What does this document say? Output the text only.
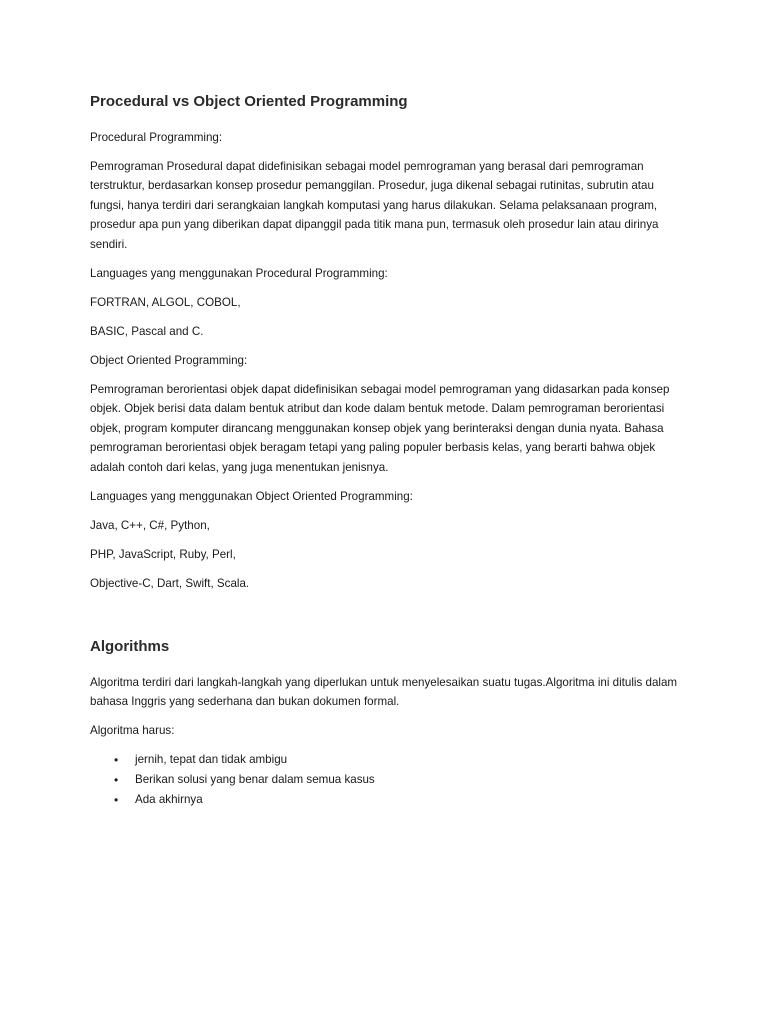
Procedural vs Object Oriented Programming

Procedural Programming:

Pemrograman Prosedural dapat didefinisikan sebagai model pemrograman yang berasal dari pemrograman terstruktur, berdasarkan konsep prosedur pemanggilan. Prosedur, juga dikenal sebagai rutinitas, subrutin atau fungsi, hanya terdiri dari serangkaian langkah komputasi yang harus dilakukan. Selama pelaksanaan program, prosedur apa pun yang diberikan dapat dipanggil pada titik mana pun, termasuk oleh prosedur lain atau dirinya sendiri.

Languages yang menggunakan Procedural Programming:

FORTRAN, ALGOL, COBOL,

BASIC, Pascal and C.

Object Oriented Programming:

Pemrograman berorientasi objek dapat didefinisikan sebagai model pemrograman yang didasarkan pada konsep objek. Objek berisi data dalam bentuk atribut dan kode dalam bentuk metode. Dalam pemrograman berorientasi objek, program komputer dirancang menggunakan konsep objek yang berinteraksi dengan dunia nyata. Bahasa pemrograman berorientasi objek beragam tetapi yang paling populer berbasis kelas, yang berarti bahwa objek adalah contoh dari kelas, yang juga menentukan jenisnya.

Languages yang menggunakan Object Oriented Programming:

Java, C++, C#, Python,

PHP, JavaScript, Ruby, Perl,

Objective-C, Dart, Swift, Scala.

Algorithms

Algoritma terdiri dari langkah-langkah yang diperlukan untuk menyelesaikan suatu tugas.Algoritma ini ditulis dalam bahasa Inggris yang sederhana dan bukan dokumen formal.

Algoritma harus:

• jernih, tepat dan tidak ambigu
• Berikan solusi yang benar dalam semua kasus
• Ada akhirnya
